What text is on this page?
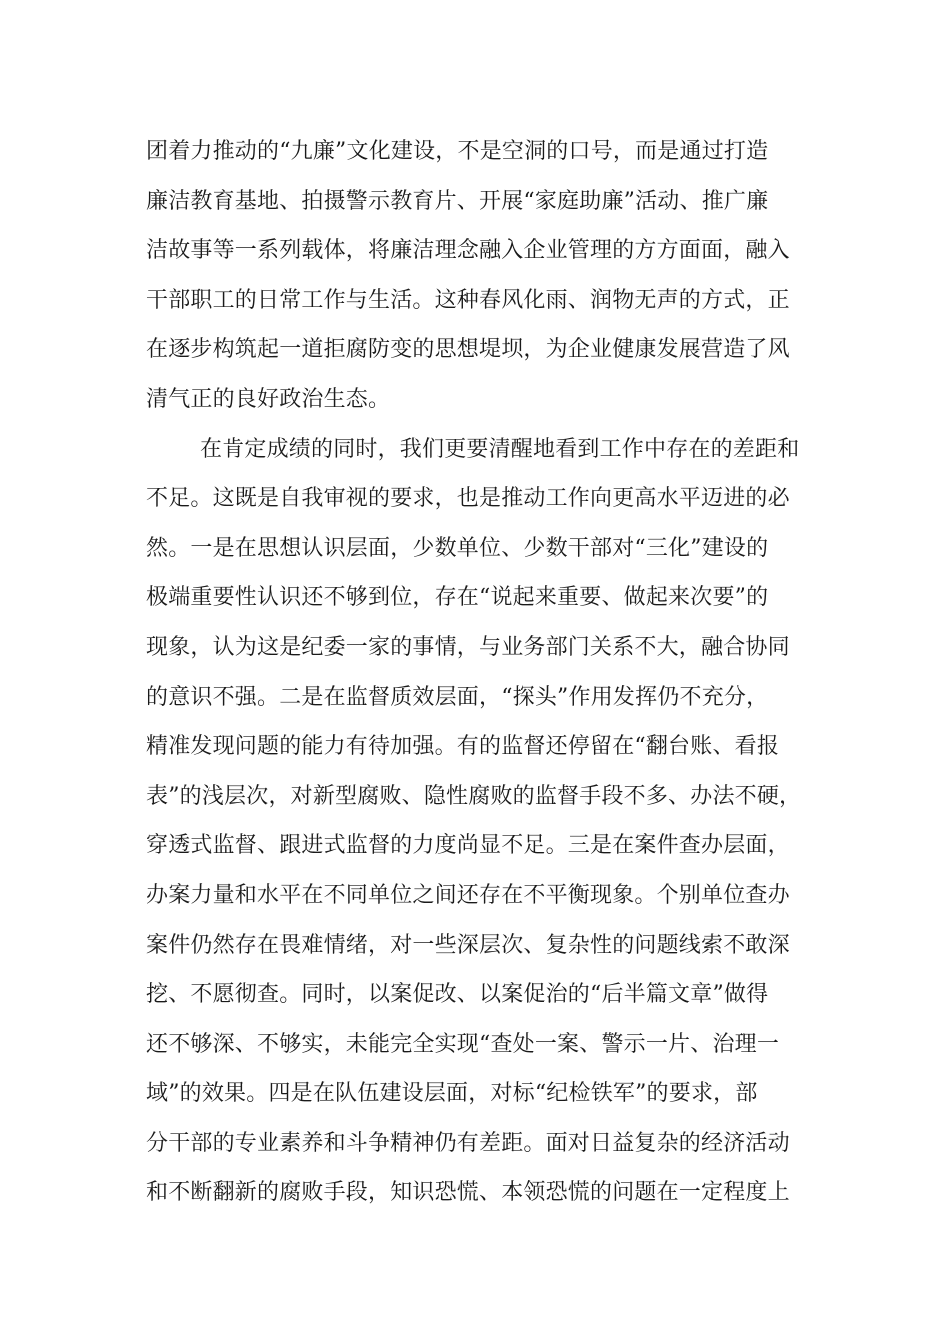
团着力推动的“九廉”文化建设，不是空洞的口号，而是通过打造
廉洁教育基地、拍摄警示教育片、开展“家庭助廉”活动、推广廉
洁故事等一系列载体，将廉洁理念融入企业管理的方方面面，融入
干部职工的日常工作与生活。这种春风化雨、润物无声的方式，正
在逐步构筑起一道拒腐防变的思想堤坝，为企业健康发展营造了风
清气正的良好政治生态。
在肯定成绩的同时，我们更要清醒地看到工作中存在的差距和
不足。这既是自我审视的要求，也是推动工作向更高水平迈进的必
然。一是在思想认识层面，少数单位、少数干部对“三化”建设的
极端重要性认识还不够到位，存在“说起来重要、做起来次要”的
现象，认为这是纪委一家的事情，与业务部门关系不大，融合协同
的意识不强。二是在监督质效层面，“探头”作用发挥仍不充分，
精准发现问题的能力有待加强。有的监督还停留在“翻台账、看报
表”的浅层次，对新型腐败、隐性腐败的监督手段不多、办法不硬，
穿透式监督、跟进式监督的力度尚显不足。三是在案件查办层面，
办案力量和水平在不同单位之间还存在不平衡现象。个别单位查办
案件仍然存在畏难情绪，对一些深层次、复杂性的问题线索不敢深
挖、不愿彻查。同时，以案促改、以案促治的“后半篇文章”做得
还不够深、不够实，未能完全实现“查处一案、警示一片、治理一
域”的效果。四是在队伍建设层面，对标“纪检铁军”的要求，部
分干部的专业素养和斗争精神仍有差距。面对日益复杂的经济活动
和不断翻新的腐败手段，知识恐慌、本领恐慌的问题在一定程度上
